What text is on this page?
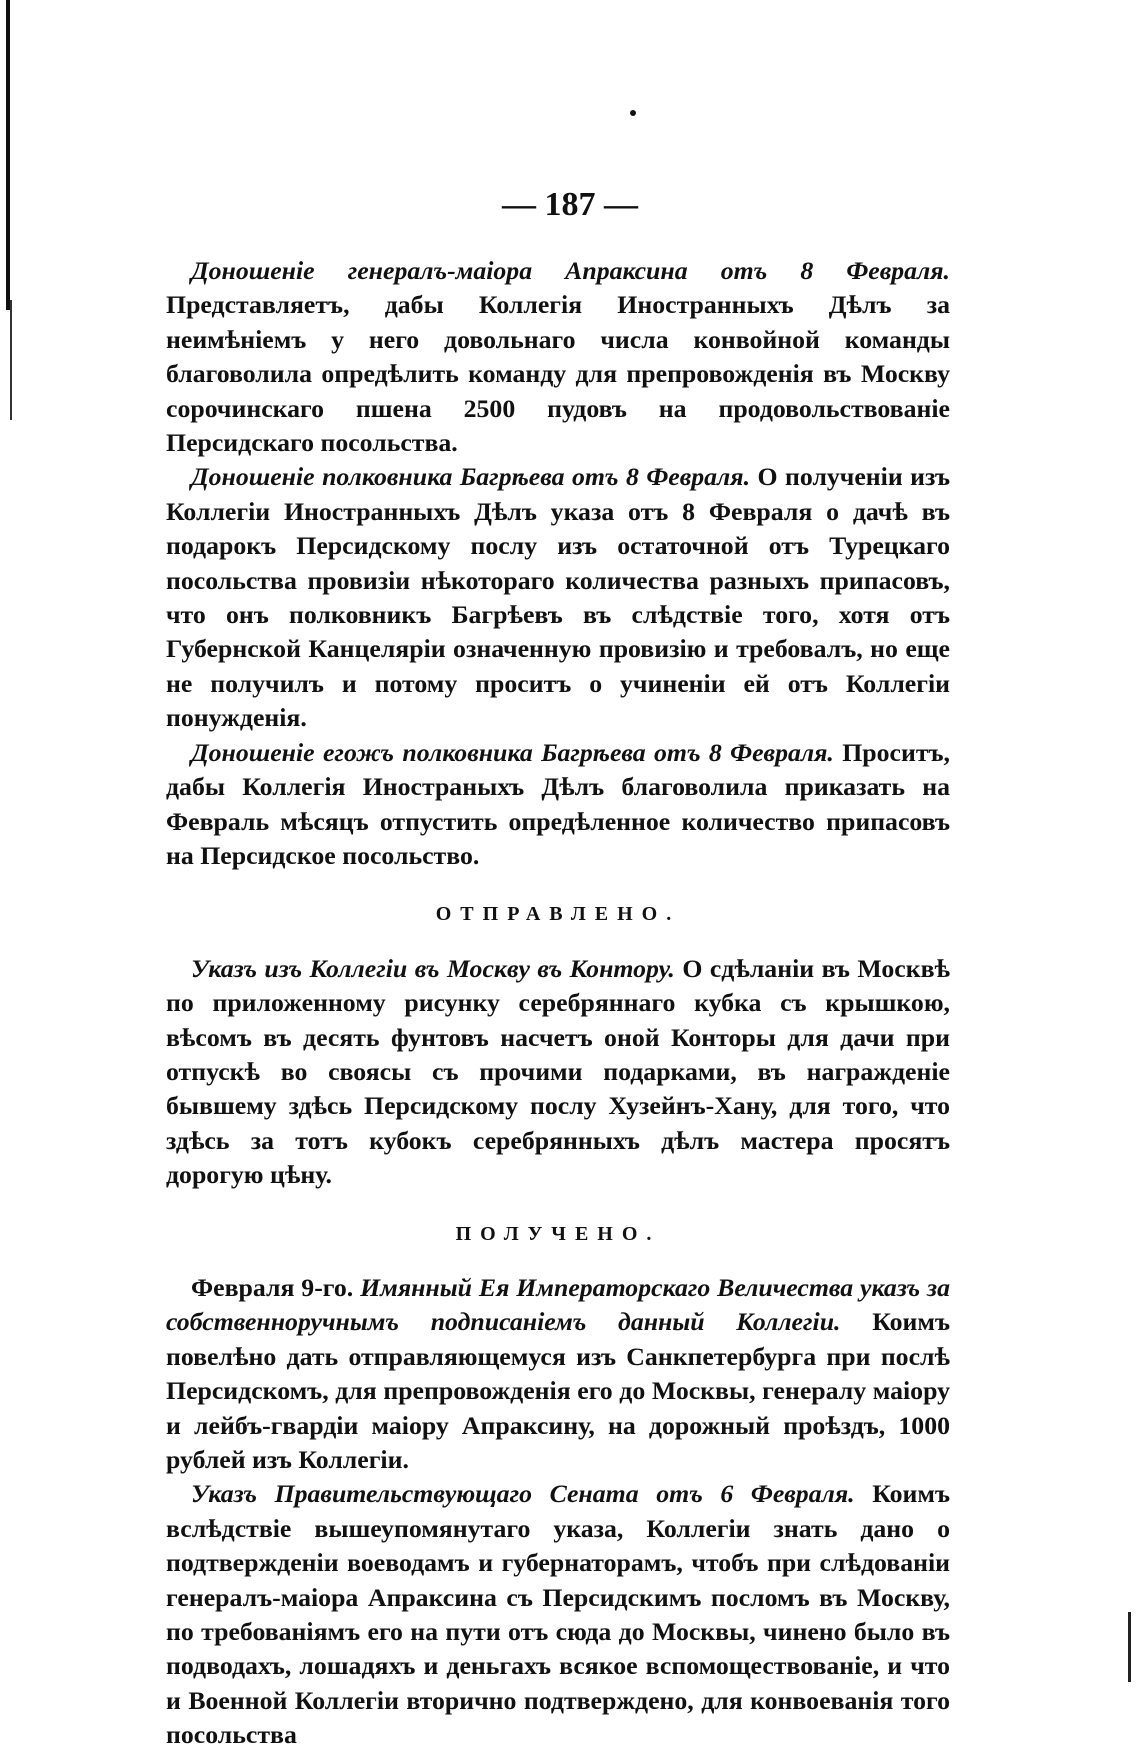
— 187 —

Доношеніе генералъ-маіора Апраксина отъ 8 Февраля. Представляетъ, дабы Коллегія Иностранныхъ Дѣлъ за неимѣніемъ у него довольнаго числа конвойной команды благоволила опредѣлить команду для препровожденія въ Москву сорочинскаго пшена 2500 пудовъ на продовольствованіе Персидскаго посольства.

Доношеніе полковника Багрѣева отъ 8 Февраля. О полученіи изъ Коллегіи Иностранныхъ Дѣлъ указа отъ 8 Февраля о дачѣ въ подарокъ Персидскому послу изъ остаточной отъ Турецкаго посольства провизіи нѣкотораго количества разныхъ припасовъ, что онъ полковникъ Багрѣевъ въ слѣдствіе того, хотя отъ Губернской Канцеляріи означенную провизію и требовалъ, но еще не получилъ и потому проситъ о учиненіи ей отъ Коллегіи понужденія.

Доношеніе егожъ полковника Багрѣева отъ 8 Февраля. Проситъ, дабы Коллегія Иностраныхъ Дѣлъ благоволила приказать на Февраль мѣсяцъ отпустить опредѣленное количество припасовъ на Персидское посольство.

ОТПРАВЛЕНО.

Указъ изъ Коллегіи въ Москву въ Контору. О сдѣланіи въ Москвѣ по приложенному рисунку серебряннаго кубка съ крышкою, вѣсомъ въ десять фунтовъ насчетъ оной Конторы для дачи при отпускѣ во своясы съ прочими подарками, въ награжденіе бывшему здѣсь Персидскому послу Хузейнъ-Хану, для того, что здѣсь за тотъ кубокъ серебрянныхъ дѣлъ мастера просятъ дорогую цѣну.

ПОЛУЧЕНО.

Февраля 9-го. Имянный Ея Императорскаго Величества указъ за собственноручнымъ подписаніемъ данный Коллегіи. Коимъ повелѣно дать отправляющемуся изъ Санкпетербурга при послѣ Персидскомъ, для препровожденія его до Москвы, генералу маіору и лейбъ-гвардіи маіору Апраксину, на дорожный проѣздъ, 1000 рублей изъ Коллегіи.

Указъ Правительствующаго Сената отъ 6 Февраля. Коимъ вслѣдствіе вышеупомянутаго указа, Коллегіи знать дано о подтвержденіи воеводамъ и губернаторамъ, чтобъ при слѣдованіи генералъ-маіора Апраксина съ Персидскимъ посломъ въ Москву, по требованіямъ его на пути отъ сюда до Москвы, чинено было въ подводахъ, лошадяхъ и деньгахъ всякое вспомоществованіе, и что и Военной Коллегіи вторично подтверждено, для конвоеванія того посольства
